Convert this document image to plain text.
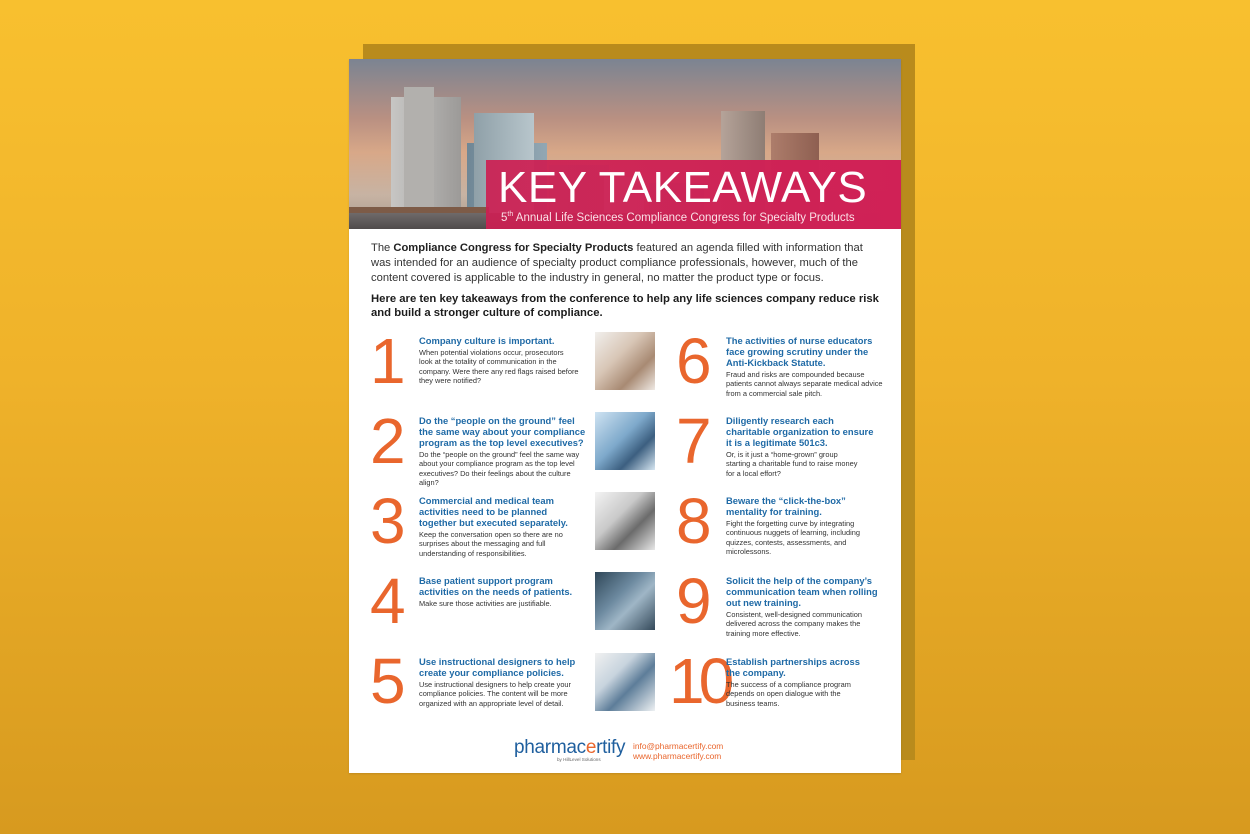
KEY TAKEAWAYS
5th Annual Life Sciences Compliance Congress for Specialty Products
The Compliance Congress for Specialty Products featured an agenda filled with information that was intended for an audience of specialty product compliance professionals, however, much of the content covered is applicable to the industry in general, no matter the product type or focus.
Here are ten key takeaways from the conference to help any life sciences company reduce risk and build a stronger culture of compliance.
1 Company culture is important.
When potential violations occur, prosecutors look at the totality of communication in the company. Were there any red flags raised before they were notified?
2 Do the “people on the ground” feel the same way about your compliance program as the top level executives?
Do the “people on the ground” feel the same way about your compliance program as the top level executives? Do their feelings about the culture align?
3 Commercial and medical team activities need to be planned together but executed separately.
Keep the conversation open so there are no surprises about the messaging and full understanding of responsibilities.
4 Base patient support program activities on the needs of patients.
Make sure those activities are justifiable.
5 Use instructional designers to help create your compliance policies.
Use instructional designers to help create your compliance policies. The content will be more organized with an appropriate level of detail.
6 The activities of nurse educators face growing scrutiny under the Anti-Kickback Statute.
Fraud and risks are compounded because patients cannot always separate medical advice from a commercial sale pitch.
7 Diligently research each charitable organization to ensure it is a legitimate 501c3.
Or, is it just a “home-grown” group starting a charitable fund to raise money for a local effort?
8 Beware the “click-the-box” mentality for training.
Fight the forgetting curve by integrating continuous nuggets of learning, including quizzes, contests, assessments, and microlessons.
9 Solicit the help of the company’s communication team when rolling out new training.
Consistent, well-designed communication delivered across the company makes the training more effective.
10
Establish partnerships across the company.
The success of a compliance program depends on open dialogue with the business teams.
pharmacertify
by HillLevel Solutions
info@pharmacertify.com
www.pharmacertify.com
